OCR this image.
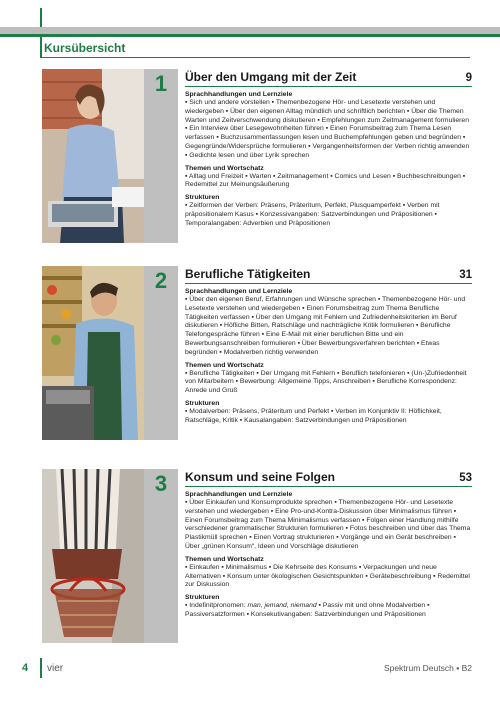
Kursübersicht
1	Über den Umgang mit der Zeit	9
Sprachhandlungen und Lernziele
▪ Sich und andere vorstellen ▪ Themenbezogene Hör- und Lesetexte verstehen und wiedergeben ▪ Über den eigenen Alltag mündlich und schriftlich berichten ▪ Über die Themen Warten und Zeitverschwendung diskutieren ▪ Empfehlungen zum Zeitmanagement formulieren ▪ Ein Interview über Lesegewohnheiten führen ▪ Einen Forumsbeitrag zum Thema Lesen verfassen ▪ Buchzusammenfassungen lesen und Buchempfehlungen geben und begründen ▪ Gegengründe/Widersprüche formulieren ▪ Vergangenheitsformen der Verben richtig anwenden ▪ Gedichte lesen und über Lyrik sprechen
Themen und Wortschatz
▪ Alltag und Freizeit ▪ Warten ▪ Zeitmanagement ▪ Comics und Lesen ▪ Buchbeschreibungen ▪ Redemittel zur Meinungsäußerung
Strukturen
▪ Zeitformen der Verben: Präsens, Präteritum, Perfekt, Plusquamperfekt ▪ Verben mit präpositionalem Kasus ▪ Konzessivangaben: Satzverbindungen und Präpositionen ▪ Temporalangaben: Adverbien und Präpositionen
2	Berufliche Tätigkeiten	31
Sprachhandlungen und Lernziele
▪ Über den eigenen Beruf, Erfahrungen und Wünsche sprechen ▪ Themenbezogene Hör- und Lesetexte verstehen und wiedergeben ▪ Einen Forumsbeitrag zum Thema Berufliche Tätigkeiten verfassen ▪ Über den Umgang mit Fehlern und Zufriedenheitskriterien im Beruf diskutieren ▪ Höfliche Bitten, Ratschläge und nachträgliche Kritik formulieren ▪ Berufliche Telefongespräche führen ▪ Eine E-Mail mit einer beruflichen Bitte und ein Bewerbungsanschreiben formulieren ▪ Über Bewerbungsverfahren berichten ▪ Etwas begründen ▪ Modalverben richtig verwenden
Themen und Wortschatz
▪ Berufliche Tätigkeiten ▪ Der Umgang mit Fehlern ▪ Beruflich telefonieren ▪ (Un-)Zufriedenheit von Mitarbeitern ▪ Bewerbung: Allgemeine Tipps, Anschreiben ▪ Berufliche Korrespondenz: Anrede und Gruß
Strukturen
▪ Modalverben: Präsens, Präteritum und Perfekt ▪ Verben im Konjunktiv II: Höflichkeit, Ratschläge, Kritik ▪ Kausalangaben: Satzverbindungen und Präpositionen
3	Konsum und seine Folgen	53
Sprachhandlungen und Lernziele
▪ Über Einkaufen und Konsumprodukte sprechen ▪ Themenbezogene Hör- und Lesetexte verstehen und wiedergeben ▪ Eine Pro-und-Kontra-Diskussion über Minimalismus führen ▪ Einen Forumsbeitrag zum Thema Minimalismus verfassen ▪ Folgen einer Handlung mithilfe verschiedener grammatischer Strukturen formulieren ▪ Fotos beschreiben und über das Thema Plastikmüll sprechen ▪ Einen Vortrag strukturieren ▪ Vorgänge und ein Gerät beschreiben ▪ Über „grünen Konsum“, Ideen und Vorschläge diskutieren
Themen und Wortschatz
▪ Einkaufen ▪ Minimalismus ▪ Die Kehrseite des Konsums ▪ Verpackungen und neue Alternativen ▪ Konsum unter ökologischen Gesichtspunkten ▪ Gerätebeschreibung ▪ Redemittel zur Diskussion
Strukturen
▪ Indefinitpronomen: man, jemand, niemand ▪ Passiv mit und ohne Modalverben ▪ Passiversatzformen ▪ Konsekutivangaben: Satzverbindungen und Präpositionen
4 vier	Spektrum Deutsch ▪ B2
